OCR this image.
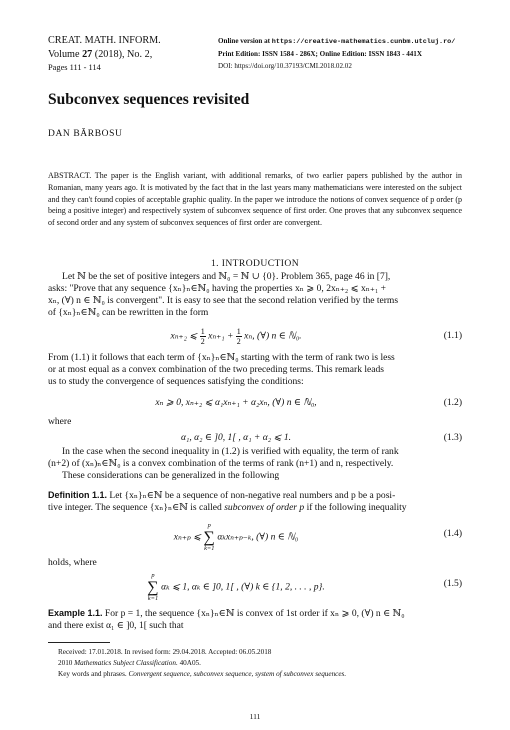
CREAT. MATH. INFORM.
Volume 27 (2018), No. 2,
Pages 111 - 114
Online version at https://creative-mathematics.cunbm.utcluj.ro/
Print Edition: ISSN 1584 - 286X; Online Edition: ISSN 1843 - 441X
DOI: https://doi.org/10.37193/CMI.2018.02.02
Subconvex sequences revisited
DAN BĂRBOSU
ABSTRACT. The paper is the English variant, with additional remarks, of two earlier papers published by the author in Romanian, many years ago. It is motivated by the fact that in the last years many mathematicians were interested on the subject and they can't found copies of acceptable graphic quality. In the paper we introduce the notions of convex sequence of p order (p being a positive integer) and respectively system of subconvex sequence of first order. One proves that any subconvex sequence of second order and any system of subconvex sequences of first order are convergent.
1. INTRODUCTION
Let ℕ be the set of positive integers and ℕ₀ = ℕ ∪ {0}. Problem 365, page 46 in [7],
asks: "Prove that any sequence {xₙ}ₙ∈ℕ₀ having the properties xₙ ⩾ 0, 2xₙ₊₂ ⩽ xₙ₊₁ +
xₙ, (∀) n ∈ ℕ₀ is convergent". It is easy to see that the second relation verified by the terms
of {xₙ}ₙ∈ℕ₀ can be rewritten in the form
xₙ₊₂ ⩽ $\frac{1}{2} x_{n+1} + \frac{1}{2} x_n$, (∀) n ∈ ℕ₀.	(1.1)
From (1.1) it follows that each term of {xₙ}ₙ∈ℕ₀ starting with the term of rank two is less
or at most equal as a convex combination of the two preceding terms. This remark leads
us to study the convergence of sequences satisfying the conditions:
xₙ ⩾ 0, xₙ₊₂ ⩽ α₁xₙ₊₁ + α₂xₙ, (∀) n ∈ ℕ₀,	(1.2)
where
α₁, α₂ ∈ ]0, 1[ , α₁ + α₂ ⩽ 1.	(1.3)
In the case when the second inequality in (1.2) is verified with equality, the term of rank
(n+2) of (xₙ)ₙ∈ℕ₀ is a convex combination of the terms of rank (n+1) and n, respectively.
These considerations can be generalized in the following
Definition 1.1. Let {xₙ}ₙ∈ℕ be a sequence of non-negative real numbers and p be a posi-
tive integer. The sequence {xₙ}ₙ∈ℕ is called subconvex of order p if the following inequality
xₙ₊ₚ ⩽
p
∑
k=1
αₖxₙ₊ₚ₋ₖ, (∀) n ∈ ℕ₀	(1.4)
holds, where
p
∑
k=1
αₖ ⩽ 1, αₖ ∈ ]0, 1[ , (∀) k ∈ {1, 2, . . . , p}.	(1.5)
Example 1.1. For p = 1, the sequence {xₙ}ₙ∈ℕ is convex of 1st order if xₙ ⩾ 0, (∀) n ∈ ℕ₀
and there exist α₁ ∈ ]0, 1[ such that
Received: 17.01.2018. In revised form: 29.04.2018. Accepted: 06.05.2018
2010 Mathematics Subject Classification. 40A05.
Key words and phrases. Convergent sequence, subconvex sequence, system of subconvex sequences.
111
